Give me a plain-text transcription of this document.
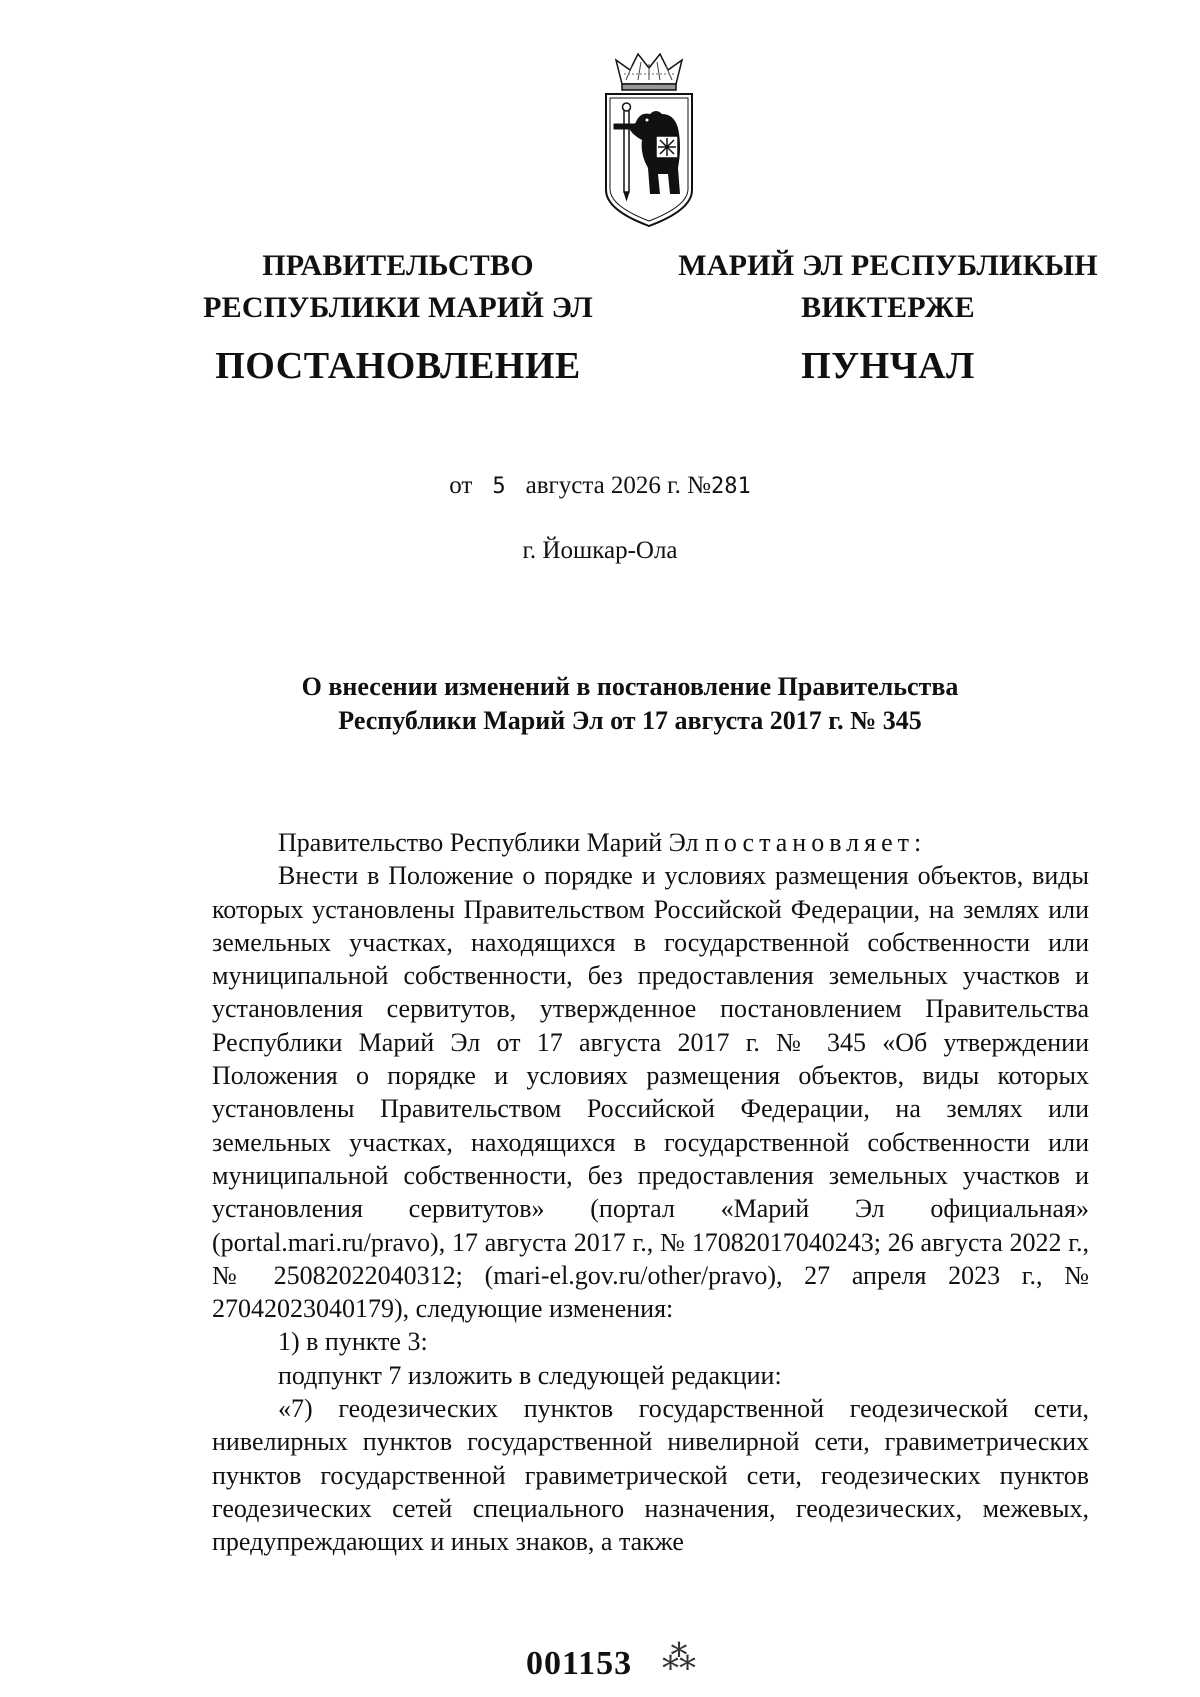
ПРАВИТЕЛЬСТВО
РЕСПУБЛИКИ МАРИЙ ЭЛ
ПОСТАНОВЛЕНИЕ
МАРИЙ ЭЛ РЕСПУБЛИКЫН
ВИКТЕРЖЕ
ПУНЧАЛ
от 5 августа 2026 г. №281
г. Йошкар-Ола
О внесении изменений в постановление Правительства
Республики Марий Эл от 17 августа 2017 г. № 345

Правительство Республики Марий Эл постановляет:

Внести в Положение о порядке и условиях размещения объектов, виды которых установлены Правительством Российской Федерации, на землях или земельных участках, находящихся в государственной собственности или муниципальной собственности, без предоставления земельных участков и установления сервитутов, утвержденное постановлением Правительства Республики Марий Эл от 17 августа 2017 г. № 345 «Об утверждении Положения о порядке и условиях размещения объектов, виды которых установлены Правительством Российской Федерации, на землях или земельных участках, находящихся в государственной собственности или муниципальной собственности, без предоставления земельных участков и установления сервитутов» (портал «Марий Эл официальная» (portal.mari.ru/pravo), 17 августа 2017 г., № 17082017040243; 26 августа 2022 г., № 25082022040312; (mari-el.gov.ru/other/pravo), 27 апреля 2023 г., № 27042023040179), следующие изменения:

1) в пункте 3:

подпункт 7 изложить в следующей редакции:

«7) геодезических пунктов государственной геодезической сети, нивелирных пунктов государственной нивелирной сети, гравиметрических пунктов государственной гравиметрической сети, геодезических пунктов геодезических сетей специального назначения, геодезических, межевых, предупреждающих и иных знаков, а также

001153 ⁂
